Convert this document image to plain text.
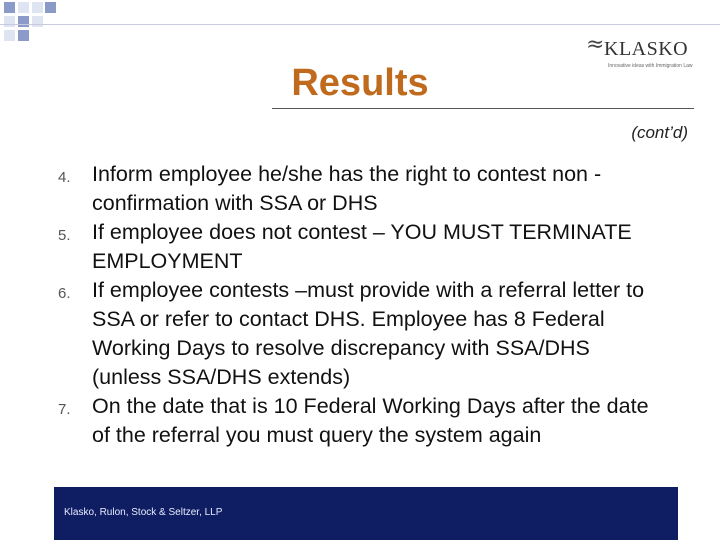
≈ KLASKO
Innovative ideas with Immigration Law
Results
(cont’d)
4. Inform employee he/she has the right to contest non -confirmation with SSA or DHS
5. If employee does not contest – YOU MUST TERMINATE EMPLOYMENT
6. If employee contests –must provide with a referral letter to SSA or refer to contact DHS. Employee has 8 Federal Working Days to resolve discrepancy with SSA/DHS (unless SSA/DHS extends)
7. On the date that is 10 Federal Working Days after the date of the referral you must query the system again
Klasko, Rulon, Stock & Seltzer, LLP
